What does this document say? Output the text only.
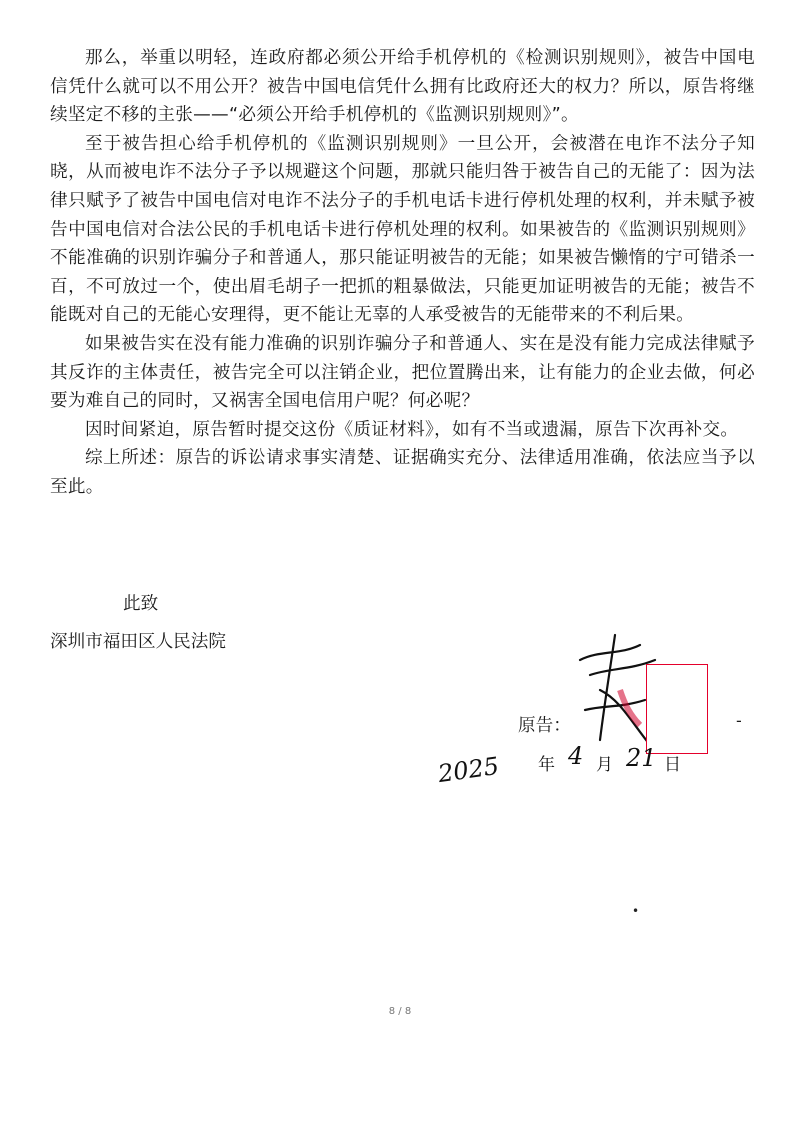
那么，举重以明轻，连政府都必须公开给手机停机的《检测识别规则》，被告中国电信凭什么就可以不用公开？被告中国电信凭什么拥有比政府还大的权力？所以，原告将继续坚定不移的主张——“必须公开给手机停机的《监测识别规则》”。

至于被告担心给手机停机的《监测识别规则》一旦公开，会被潜在电诈不法分子知晓，从而被电诈不法分子予以规避这个问题，那就只能归咎于被告自己的无能了：因为法律只赋予了被告中国电信对电诈不法分子的手机电话卡进行停机处理的权利，并未赋予被告中国电信对合法公民的手机电话卡进行停机处理的权利。如果被告的《监测识别规则》不能准确的识别诈骗分子和普通人，那只能证明被告的无能；如果被告懒惰的宁可错杀一百，不可放过一个，使出眉毛胡子一把抓的粗暴做法，只能更加证明被告的无能；被告不能既对自己的无能心安理得，更不能让无辜的人承受被告的无能带来的不利后果。

如果被告实在没有能力准确的识别诈骗分子和普通人、实在是没有能力完成法律赋予其反诈的主体责任，被告完全可以注销企业，把位置腾出来，让有能力的企业去做，何必要为难自己的同时，又祸害全国电信用户呢？何必呢？

因时间紧迫，原告暂时提交这份《质证材料》，如有不当或遗漏，原告下次再补交。

综上所述：原告的诉讼请求事实清楚、证据确实充分、法律适用准确，依法应当予以至此。

此致
深圳市福田区人民法院
原告：	-
2025 年 4 月 21 日
•
8 / 8
